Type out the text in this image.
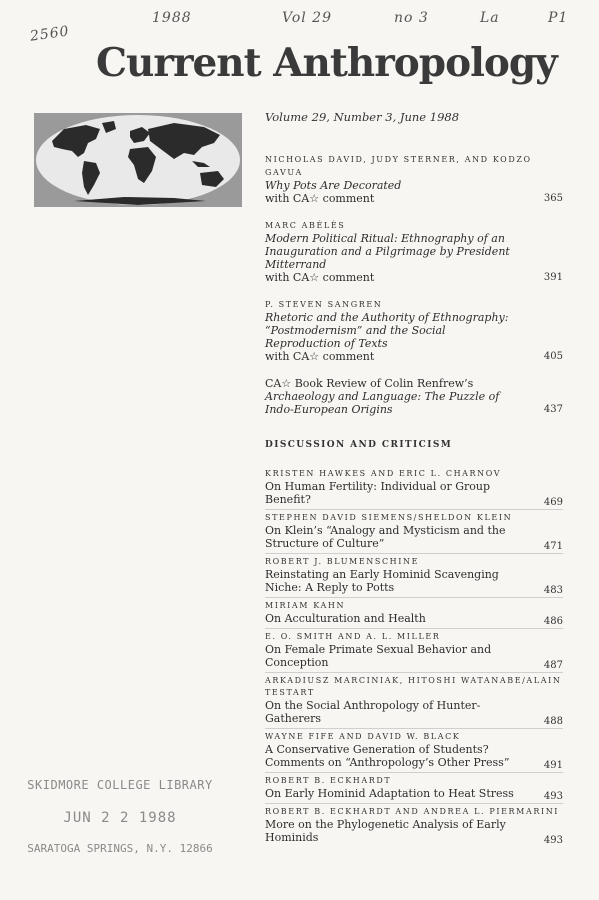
2560
1988	Vol 29	no 3	La	P1
Current Anthropology

Volume 29, Number 3, June 1988

NICHOLAS DAVID, JUDY STERNER, AND KODZO GAVUA
Why Pots Are Decorated
with CA☆ comment	365
MARC ABÉLÈS
Modern Political Ritual: Ethnography of an Inauguration and a Pilgrimage by President Mitterrand
with CA☆ comment	391
P. STEVEN SANGREN
Rhetoric and the Authority of Ethnography: “Postmodernism” and the Social Reproduction of Texts
with CA☆ comment	405
CA☆ Book Review of Colin Renfrew’s
Archaeology and Language: The Puzzle of Indo-European Origins	437
DISCUSSION AND CRITICISM
KRISTEN HAWKES AND ERIC L. CHARNOV
On Human Fertility: Individual or Group Benefit?	469
STEPHEN DAVID SIEMENS/SHELDON KLEIN
On Klein’s “Analogy and Mysticism and the Structure of Culture”	471
ROBERT J. BLUMENSCHINE
Reinstating an Early Hominid Scavenging Niche: A Reply to Potts	483
MIRIAM KAHN
On Acculturation and Health	486
E. O. SMITH AND A. L. MILLER
On Female Primate Sexual Behavior and Conception	487
ARKADIUSZ MARCINIAK, HITOSHI WATANABE/ALAIN TESTART
On the Social Anthropology of Hunter-Gatherers	488
WAYNE FIFE AND DAVID W. BLACK
A Conservative Generation of Students? Comments on “Anthropology’s Other Press”	491
ROBERT B. ECKHARDT
On Early Hominid Adaptation to Heat Stress	493
ROBERT B. ECKHARDT AND ANDREA L. PIERMARINI
More on the Phylogenetic Analysis of Early Hominids	493
SKIDMORE COLLEGE LIBRARY
JUN 2 2 1988
SARATOGA SPRINGS, N.Y. 12866
